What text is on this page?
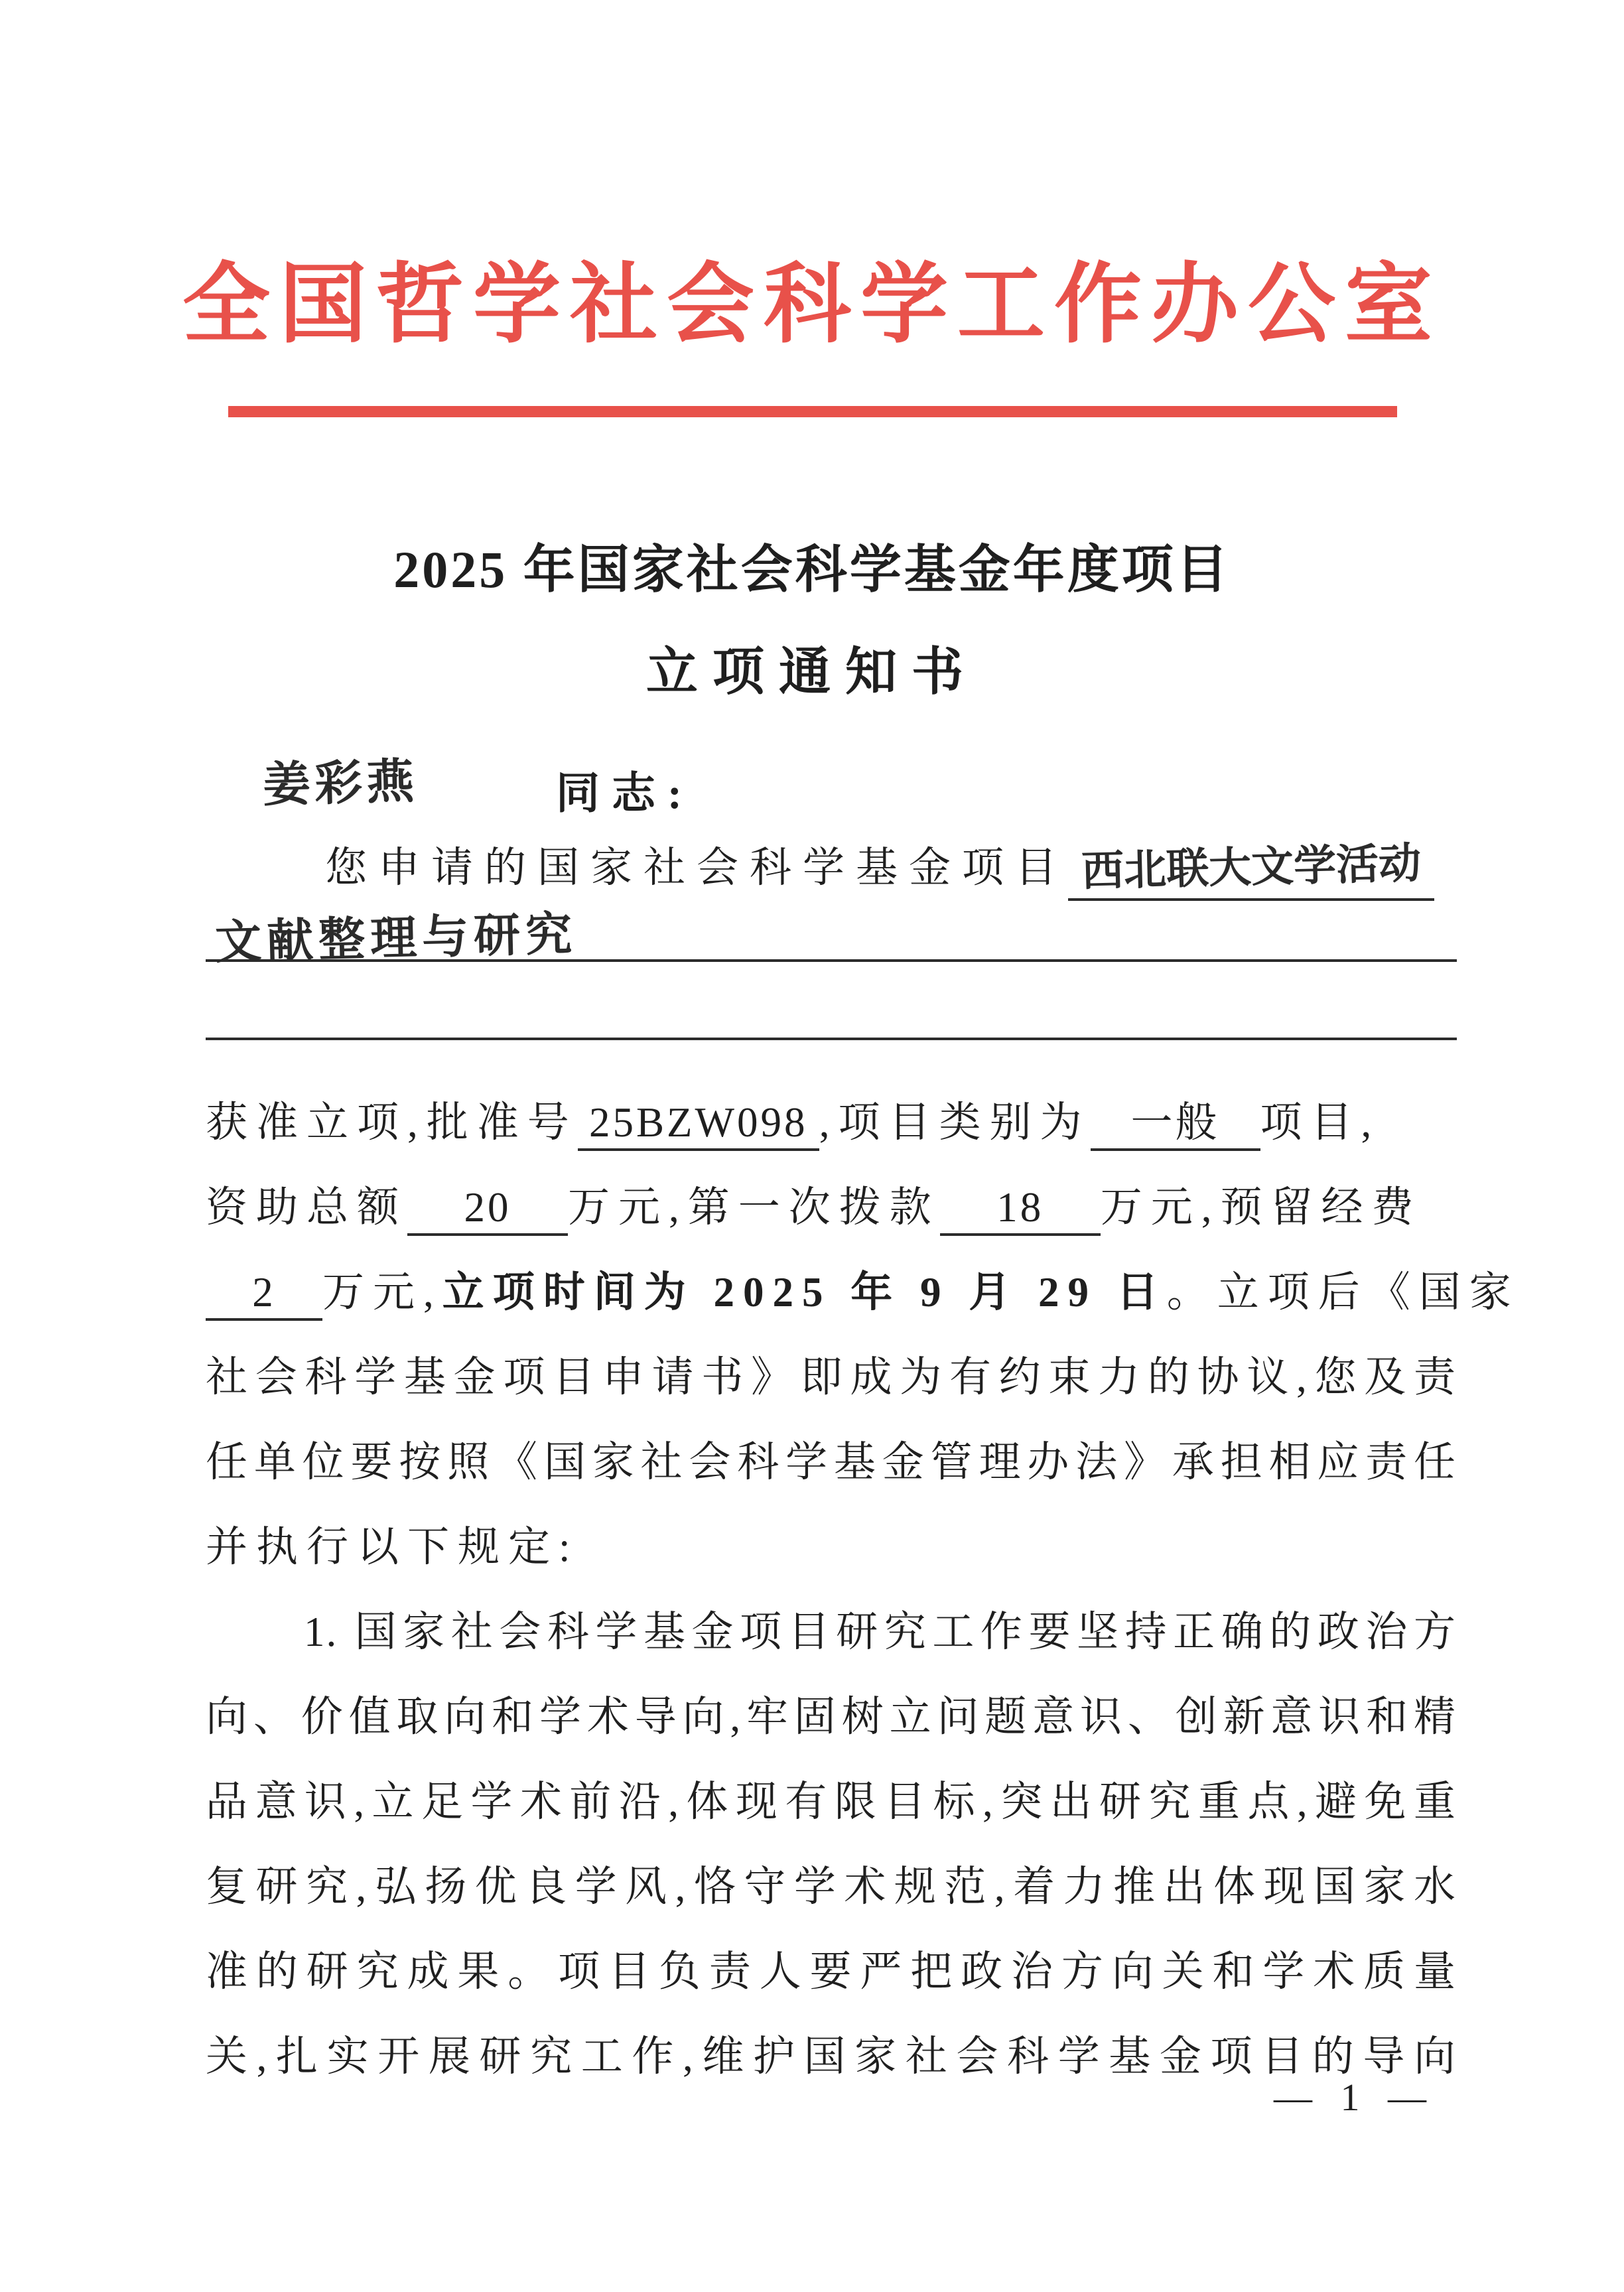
全国哲学社会科学工作办公室
2025 年国家社会科学基金年度项目
立项通知书
姜彩燕	同志:
您申请的国家社会科学基金项目 西北联大文学活动
文献整理与研究
获准立项,批准号 25BZW098 ,项目类别为 一般 项目,
资助总额 20 万元,第一次拨款 18 万元,预留经费
2 万元,立项时间为 2025 年 9 月 29 日。立项后《国家
社会科学基金项目申请书》即成为有约束力的协议,您及责
任单位要按照《国家社会科学基金管理办法》承担相应责任
并执行以下规定:
1. 国家社会科学基金项目研究工作要坚持正确的政治方
向、价值取向和学术导向,牢固树立问题意识、创新意识和精
品意识,立足学术前沿,体现有限目标,突出研究重点,避免重
复研究,弘扬优良学风,恪守学术规范,着力推出体现国家水
准的研究成果。项目负责人要严把政治方向关和学术质量
关,扎实开展研究工作,维护国家社会科学基金项目的导向
— 1 —
